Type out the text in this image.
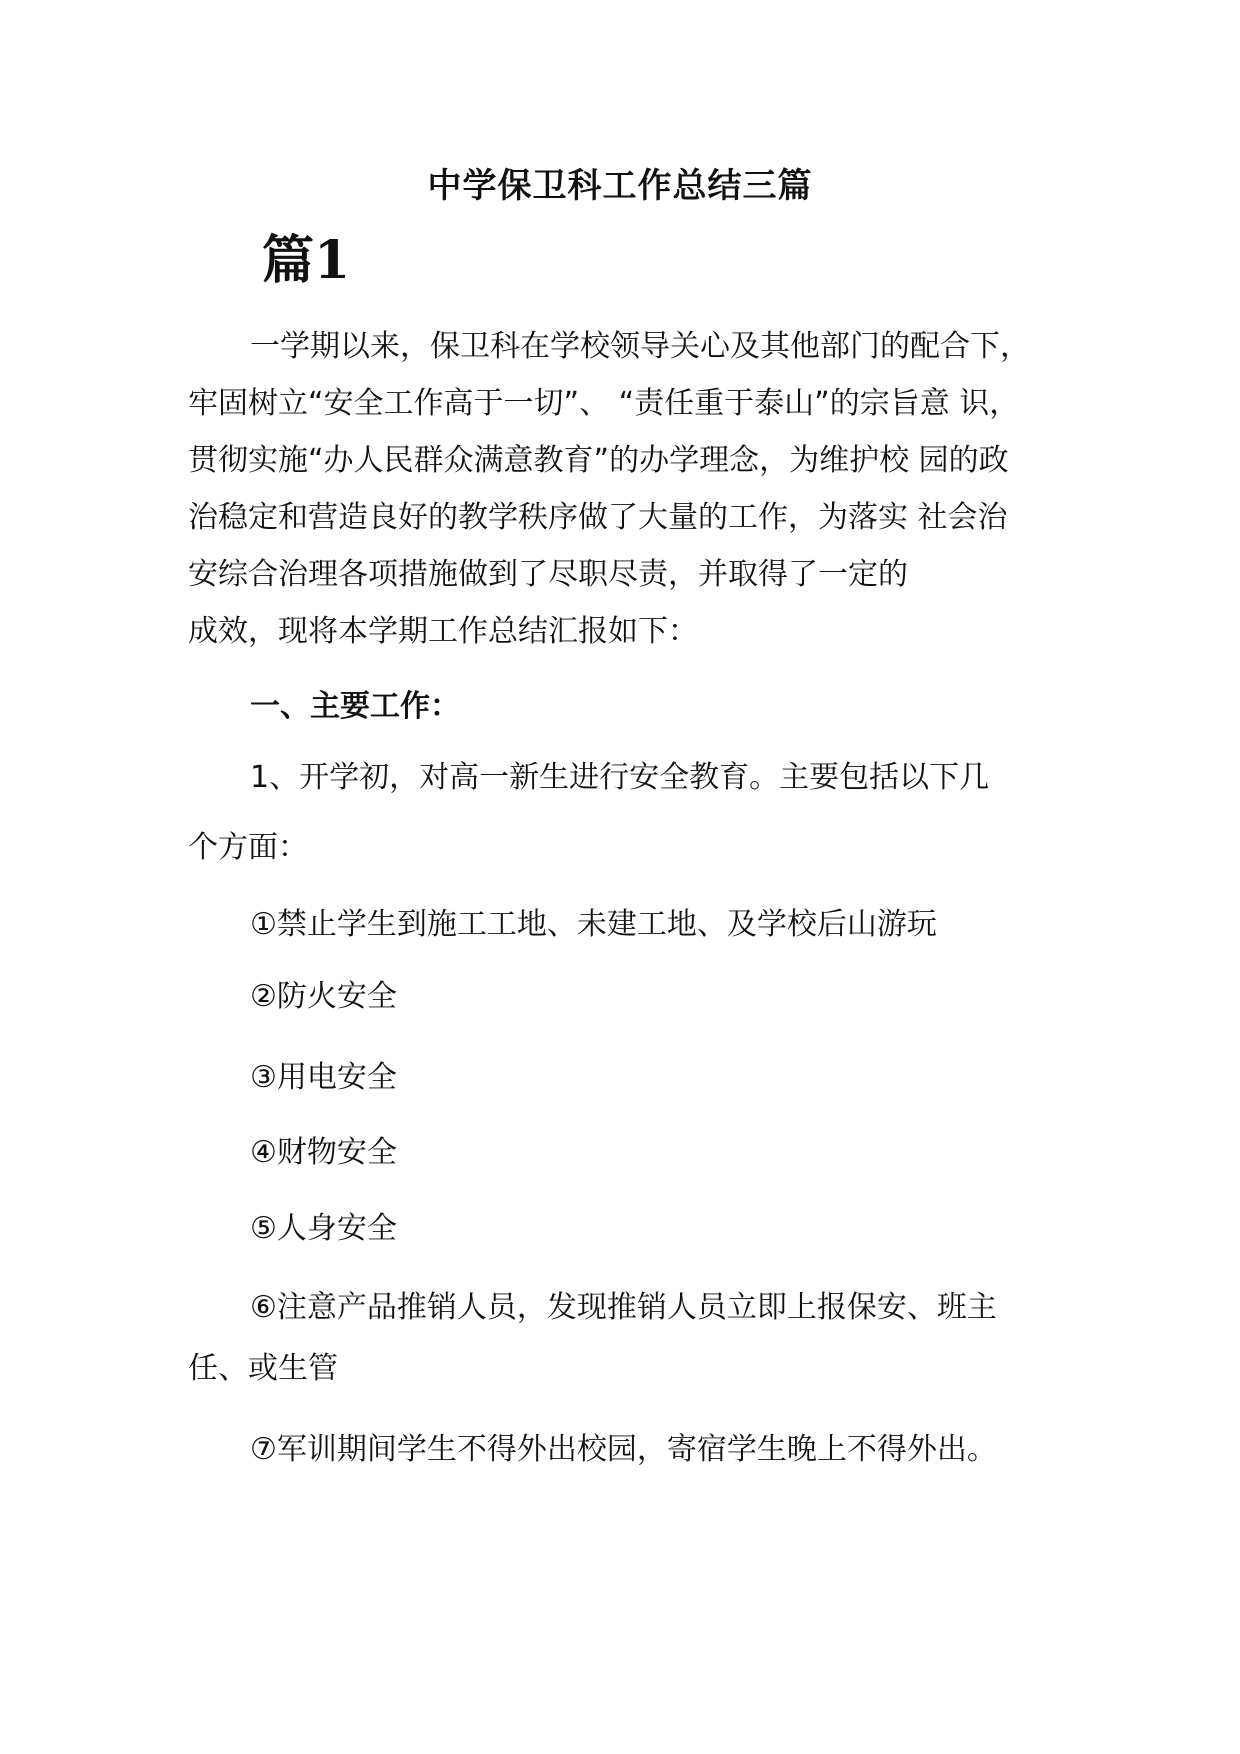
中学保卫科工作总结三篇
篇1
一学期以来，保卫科在学校领导关心及其他部门的配合下，
牢固树立“安全工作高于一切”、 “责任重于泰山”的宗旨意 识，
贯彻实施“办人民群众满意教育”的办学理念，为维护校 园的政
治稳定和营造良好的教学秩序做了大量的工作，为落实 社会治
安综合治理各项措施做到了尽职尽责，并取得了一定的
成效，现将本学期工作总结汇报如下：
一、主要工作：
1、开学初，对高一新生进行安全教育。主要包括以下几
个方面：
①禁止学生到施工工地、未建工地、及学校后山游玩
②防火安全
③用电安全
④财物安全
⑤人身安全
⑥注意产品推销人员，发现推销人员立即上报保安、班主
任、或生管
⑦军训期间学生不得外出校园，寄宿学生晚上不得外出。
